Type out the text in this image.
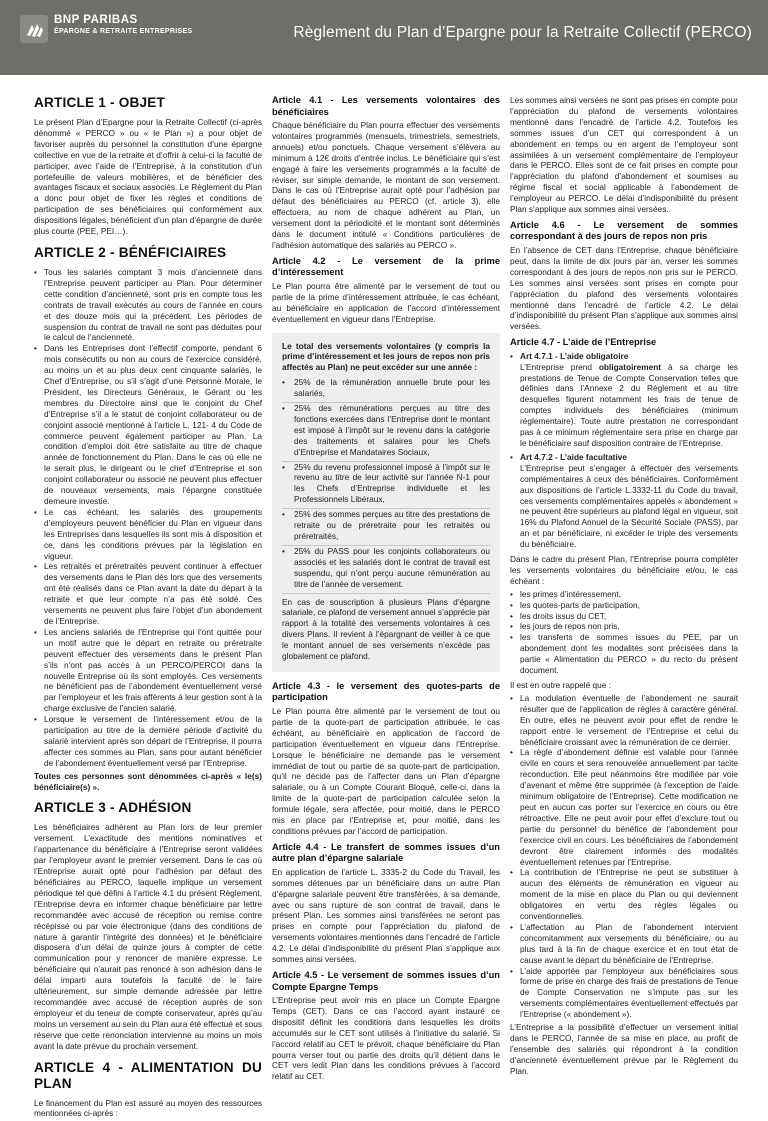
BNP PARIBAS
ÉPARGNE & RETRAITE ENTREPRISES	Règlement du Plan d’Epargne pour la Retraite Collectif (PERCO)
ARTICLE 1 - OBJET

Le présent Plan d’Epargne pour la Retraite Collectif (ci-après dénommé « PERCO » ou « le Plan ») a pour objet de favoriser auprès du personnel la constitution d’une épargne collective en vue de la retraite et d’offrir à celui-ci la faculté de participer, avec l’aide de l’Entreprise, à la constitution d’un portefeuille de valeurs mobilières, et de bénéficier des avantages fiscaux et sociaux associés. Le Règlement du Plan a donc pour objet de fixer les règles et conditions de participation de ses bénéficiaires qui conformément aux dispositions légales, bénéficient d’un plan d’épargne de durée plus courte (PEE, PEI…).

ARTICLE 2 - BÉNÉFICIAIRES
• Tous les salariés comptant 3 mois d’ancienneté dans l’Entreprise peuvent participer au Plan. Pour déterminer cette condition d’ancienneté, sont pris en compte tous les contrats de travail exécutés au cours de l’année en cours et des douze mois qui la précèdent. Les périodes de suspension du contrat de travail ne sont pas déduites pour le calcul de l’ancienneté.
• Dans les Entreprises dont l’effectif comporte, pendant 6 mois consécutifs ou non au cours de l’exercice considéré, au moins un et au plus deux cent cinquante salariés, le Chef d’Entreprise, ou s’il s’agit d’une Personne Morale, le Président, les Directeurs Généraux, le Gérant ou les membres du Directoire ainsi que le conjoint du Chef d’Entreprise s’il a le statut de conjoint collaborateur ou de conjoint associé mentionné à l’article L. 121- 4 du Code de commerce peuvent également participer au Plan. La condition d’emploi doit être satisfaite au titre de chaque année de fonctionnement du Plan. Dans le cas où elle ne le serait plus, le dirigeant ou le chef d’Entreprise et son conjoint collaborateur ou associé ne peuvent plus effectuer de nouveaux versements, mais l’épargne constituée demeure investie.
• Le cas échéant, les salariés des groupements d’employeurs peuvent bénéficier du Plan en vigueur dans les Entreprises dans lesquelles ils sont mis à disposition et ce, dans les conditions prévues par la législation en vigueur.
• Les retraités et préretraités peuvent continuer à effectuer des versements dans le Plan dès lors que des versements ont été réalisés dans ce Plan avant la date du départ à la retraite et que leur compte n’a pas été soldé. Ces versements ne peuvent plus faire l’objet d’un abondement de l’Entreprise.
• Les anciens salariés de l’Entreprise qui l’ont quittée pour un motif autre que le départ en retraite ou préretraite peuvent effectuer des versements dans le présent Plan s’ils n’ont pas accès à un PERCO/PERCOI dans la nouvelle Entreprise où ils sont employés. Ces versements ne bénéficient pas de l’abondement éventuellement versé par l’employeur et les frais afférents à leur gestion sont à la charge exclusive de l’ancien salarié.
• Lorsque le versement de l’intéressement et/ou de la participation au titre de la dernière période d’activité du salarié intervient après son départ de l’Entreprise, il pourra affecter ces sommes au Plan, sans pour autant bénéficier de l’abondement éventuellement versé par l’Entreprise.

Toutes ces personnes sont dénommées ci-après « le(s) bénéficiaire(s) ».

ARTICLE 3 - ADHÉSION

Les bénéficiaires adhèrent au Plan lors de leur premier versement. L’exactitude des mentions nominatives et l’appartenance du bénéficiaire à l’Entreprise seront validées par l’employeur avant le premier versement. Dans le cas où l’Entreprise aurait opté pour l’adhésion par défaut des bénéficiaires au PERCO, laquelle implique un versement périodique tel que défini à l’article 4.1 du présent Règlement, l’Entreprise devra en informer chaque bénéficiaire par lettre recommandée avec accusé de réception ou remise contre récépissé ou par voie électronique (dans des conditions de nature à garantir l’intégrité des données) et le bénéficiaire disposera d’un délai de quinze jours à compter de cette communication pour y renoncer de manière expresse. Le bénéficiaire qui n’aurait pas renoncé à son adhésion dans le délai imparti aura toutefois la faculté de le faire ultérieurement, sur simple demande adressée par lettre recommandée avec accusé de réception auprès de son employeur et du teneur de compte conservateur, après qu’au moins un versement au sein du Plan aura été effectué et sous réserve que cette renonciation intervienne au moins un mois avant la date prévue du prochain versement.

ARTICLE 4 - ALIMENTATION DU PLAN

Le financement du Plan est assuré au moyen des ressources mentionnées ci-après :

Article 4.1 - Les versements volontaires des bénéficiaires

Chaque bénéficiaire du Plan pourra effectuer des versements volontaires programmés (mensuels, trimestriels, semestriels, annuels) et/ou ponctuels. Chaque versement s’élèvera au minimum à 12€ droits d’entrée inclus. Le bénéficiaire qui s’est engagé à faire les versements programmés a la faculté de réviser, sur simple demande, le montant de son versement. Dans le cas où l’Entreprise aurait opté pour l’adhésion par défaut des bénéficiaires au PERCO (cf. article 3), elle effectuera, au nom de chaque adhérent au Plan, un versement dont la périodicité et le montant sont déterminés dans le document intitulé « Conditions particulières de l’adhésion automatique des salariés au PERCO ».

Article 4.2 - Le versement de la prime d’intéressement

Le Plan pourra être alimenté par le versement de tout ou partie de la prime d’intéressement attribuée, le cas échéant, au bénéficiaire en application de l’accord d’intéressement éventuellement en vigueur dans l’Entreprise.

Le total des versements volontaires (y compris la prime d’intéressement et les jours de repos non pris affectés au Plan) ne peut excéder sur une année :

• 25% de la rémunération annuelle brute pour les salariés,
• 25% des rémunérations perçues au titre des fonctions exercées dans l’Entreprise dont le montant est imposé à l’impôt sur le revenu dans la catégorie des traitements et salaires pour les Chefs d’Entreprise et Mandataires Sociaux,
• 25% du revenu professionnel imposé à l’impôt sur le revenu au titre de leur activité sur l’année N-1 pour les Chefs d’Entreprise individuelle et les Professionnels Libéraux,
• 25% des sommes perçues au titre des prestations de retraite ou de préretraite pour les retraités ou préretraités,
• 25% du PASS pour les conjoints collaborateurs ou associés et les salariés dont le contrat de travail est suspendu, qui n’ont perçu aucune rémunération au titre de l’année de versement.

En cas de souscription à plusieurs Plans d’épargne salariale, ce plafond de versement annuel s’apprécie par rapport à la totalité des versements volontaires à ces divers Plans. Il revient à l’épargnant de veiller à ce que le montant annuel de ses versements n’excède pas globalement ce plafond.

Article 4.3 - le versement des quotes-parts de participation

Le Plan pourra être alimenté par le versement de tout ou partie de la quote-part de participation attribuée, le cas échéant, au bénéficiaire en application de l’accord de participation éventuellement en vigueur dans l’Entreprise. Lorsque le bénéficiaire ne demande pas le versement immédiat de tout ou partie de sa quote-part de participation, qu’il ne décide pas de l’affecter dans un Plan d’épargne salariale, ou à un Compte Courant Bloqué, celle-ci, dans la limite de la quote-part de participation calculée selon la formule légale, sera affectée, pour moitié, dans le PERCO mis en place par l’Entreprise et, pour moitié, dans les conditions prévues par l’accord de participation.

Article 4.4 - Le transfert de sommes issues d’un autre plan d’épargne salariale

En application de l’article L. 3335-2 du Code du Travail, les sommes détenues par un bénéficiaire dans un autre Plan d’épargne salariale peuvent être transférées, à sa demande, avec ou sans rupture de son contrat de travail, dans le présent Plan. Les sommes ainsi transférées ne seront pas prises en compte pour l’appréciation du plafond de versements volontaires mentionnés dans l’encadré de l’article 4.2. Le délai d’indisponibilité du présent Plan s’applique aux sommes ainsi versées.

Article 4.5 - Le versement de sommes issues d’un Compte Epargne Temps

L’Entreprise peut avoir mis en place un Compte Epargne Temps (CET). Dans ce cas l’accord ayant instauré ce dispositif définit les conditions dans lesquelles les droits accumulés sur le CET sont utilisés à l’initiative du salarié. Si l’accord relatif au CET le prévoit, chaque bénéficiaire du Plan pourra verser tout ou partie des droits qu’il détient dans le CET vers ledit Plan dans les conditions prévues à l’accord relatif au CET.

Les sommes ainsi versées ne sont pas prises en compte pour l’appréciation du plafond de versements volontaires mentionné dans l’encadré de l’article 4.2. Toutefois les sommes issues d’un CET qui correspondent à un abondement en temps ou en argent de l’employeur sont assimilées à un versement complémentaire de l’employeur dans le PERCO. Elles sont de ce fait prises en compte pour l’appréciation du plafond d’abondement et soumises au régime fiscal et social applicable à l’abondement de l’employeur au PERCO. Le délai d’indisponibilité du présent Plan s’applique aux sommes ainsi versées.

Article 4.6 - Le versement de sommes correspondant à des jours de repos non pris

En l’absence de CET dans l’Entreprise, chaque bénéficiaire peut, dans la limite de dix jours par an, verser les sommes correspondant à des jours de repos non pris sur le PERCO. Les sommes ainsi versées sont prises en compte pour l’appréciation du plafond des versements volontaires mentionné dans l’encadré de l’article 4.2. Le délai d’indisponibilité du présent Plan s’applique aux sommes ainsi versées.

Article 4.7 - L’aide de l’Entreprise
• Art 4.7.1 - L’aide obligatoire
L’Entreprise prend obligatoirement à sa charge les prestations de Tenue de Compte Conservation telles que définies dans l’Annexe 2 du Règlement et au titre desquelles figurent notamment les frais de tenue de comptes individuels des bénéficiaires (minimum réglementaire). Toute autre prestation ne correspondant pas à ce minimum réglementaire sera prise en charge par le bénéficiaire sauf disposition contraire de l’Entreprise.
• Art 4.7.2 - L’aide facultative
L’Entreprise peut s’engager à effectuer des versements complémentaires à ceux des bénéficiaires. Conformément aux dispositions de l’article L.3332-11 du Code du travail, ces versements complémentaires appelés « abondement » ne peuvent être supérieurs au plafond légal en vigueur, soit 16% du Plafond Annuel de la Sécurité Sociale (PASS), par an et par bénéficiaire, ni excéder le triple des versements du bénéficiaire.

Dans le cadre du présent Plan, l’Entreprise pourra compléter les versements volontaires du bénéficiaire et/ou, le cas échéant :

• les primes d’intéressement,
• les quotes-parts de participation,
• les droits issus du CET,
• les jours de repos non pris,
• les transferts de sommes issues du PEE, par un abondement dont les modalités sont précisées dans la partie « Alimentation du PERCO » du recto du présent document.

Il est en outre rappelé que :

• La modulation éventuelle de l’abondement ne saurait résulter que de l’application de règles à caractère général. En outre, elles ne peuvent avoir pour effet de rendre le rapport entre le versement de l’Entreprise et celui du bénéficiaire croissant avec la rémunération de ce dernier.
• La règle d’abondement définie est valable pour l’année civile en cours et sera renouvelée annuellement par tacite reconduction. Elle peut néanmoins être modifiée par voie d’avenant et même être supprimée (à l’exception de l’aide minimum obligatoire de l’Entreprise). Cette modification ne peut en aucun cas porter sur l’exercice en cours ou être rétroactive. Elle ne peut avoir pour effet d’exclure tout ou partie du personnel du bénéfice de l’abondement pour l’exercice civil en cours. Les bénéficiaires de l’abondement devront être clairement informés des modalités éventuellement retenues par l’Entreprise.
• La contribution de l’Entreprise ne peut se substituer à aucun des éléments de rémunération en vigueur au moment de la mise en place du Plan ou qui deviennent obligatoires en vertu des règles légales ou conventionnelles.
• L’affectation au Plan de l’abondement intervient concomitamment aux versements du bénéficiaire, ou au plus tard à la fin de chaque exercice et en tout état de cause avant le départ du bénéficiaire de l’Entreprise.
• L’aide apportée par l’employeur aux bénéficiaires sous forme de prise en charge des frais de prestations de Tenue de Compte Conservation ne s’impute pas sur les versements complémentaires éventuellement effectués par l’Entreprise (« abondement »).

L’Entreprise a la possibilité d’effectuer un versement initial dans le PERCO, l’année de sa mise en place, au profit de l’ensemble des salariés qui répondront à la condition d’ancienneté éventuellement prévue par le Règlement du Plan.
